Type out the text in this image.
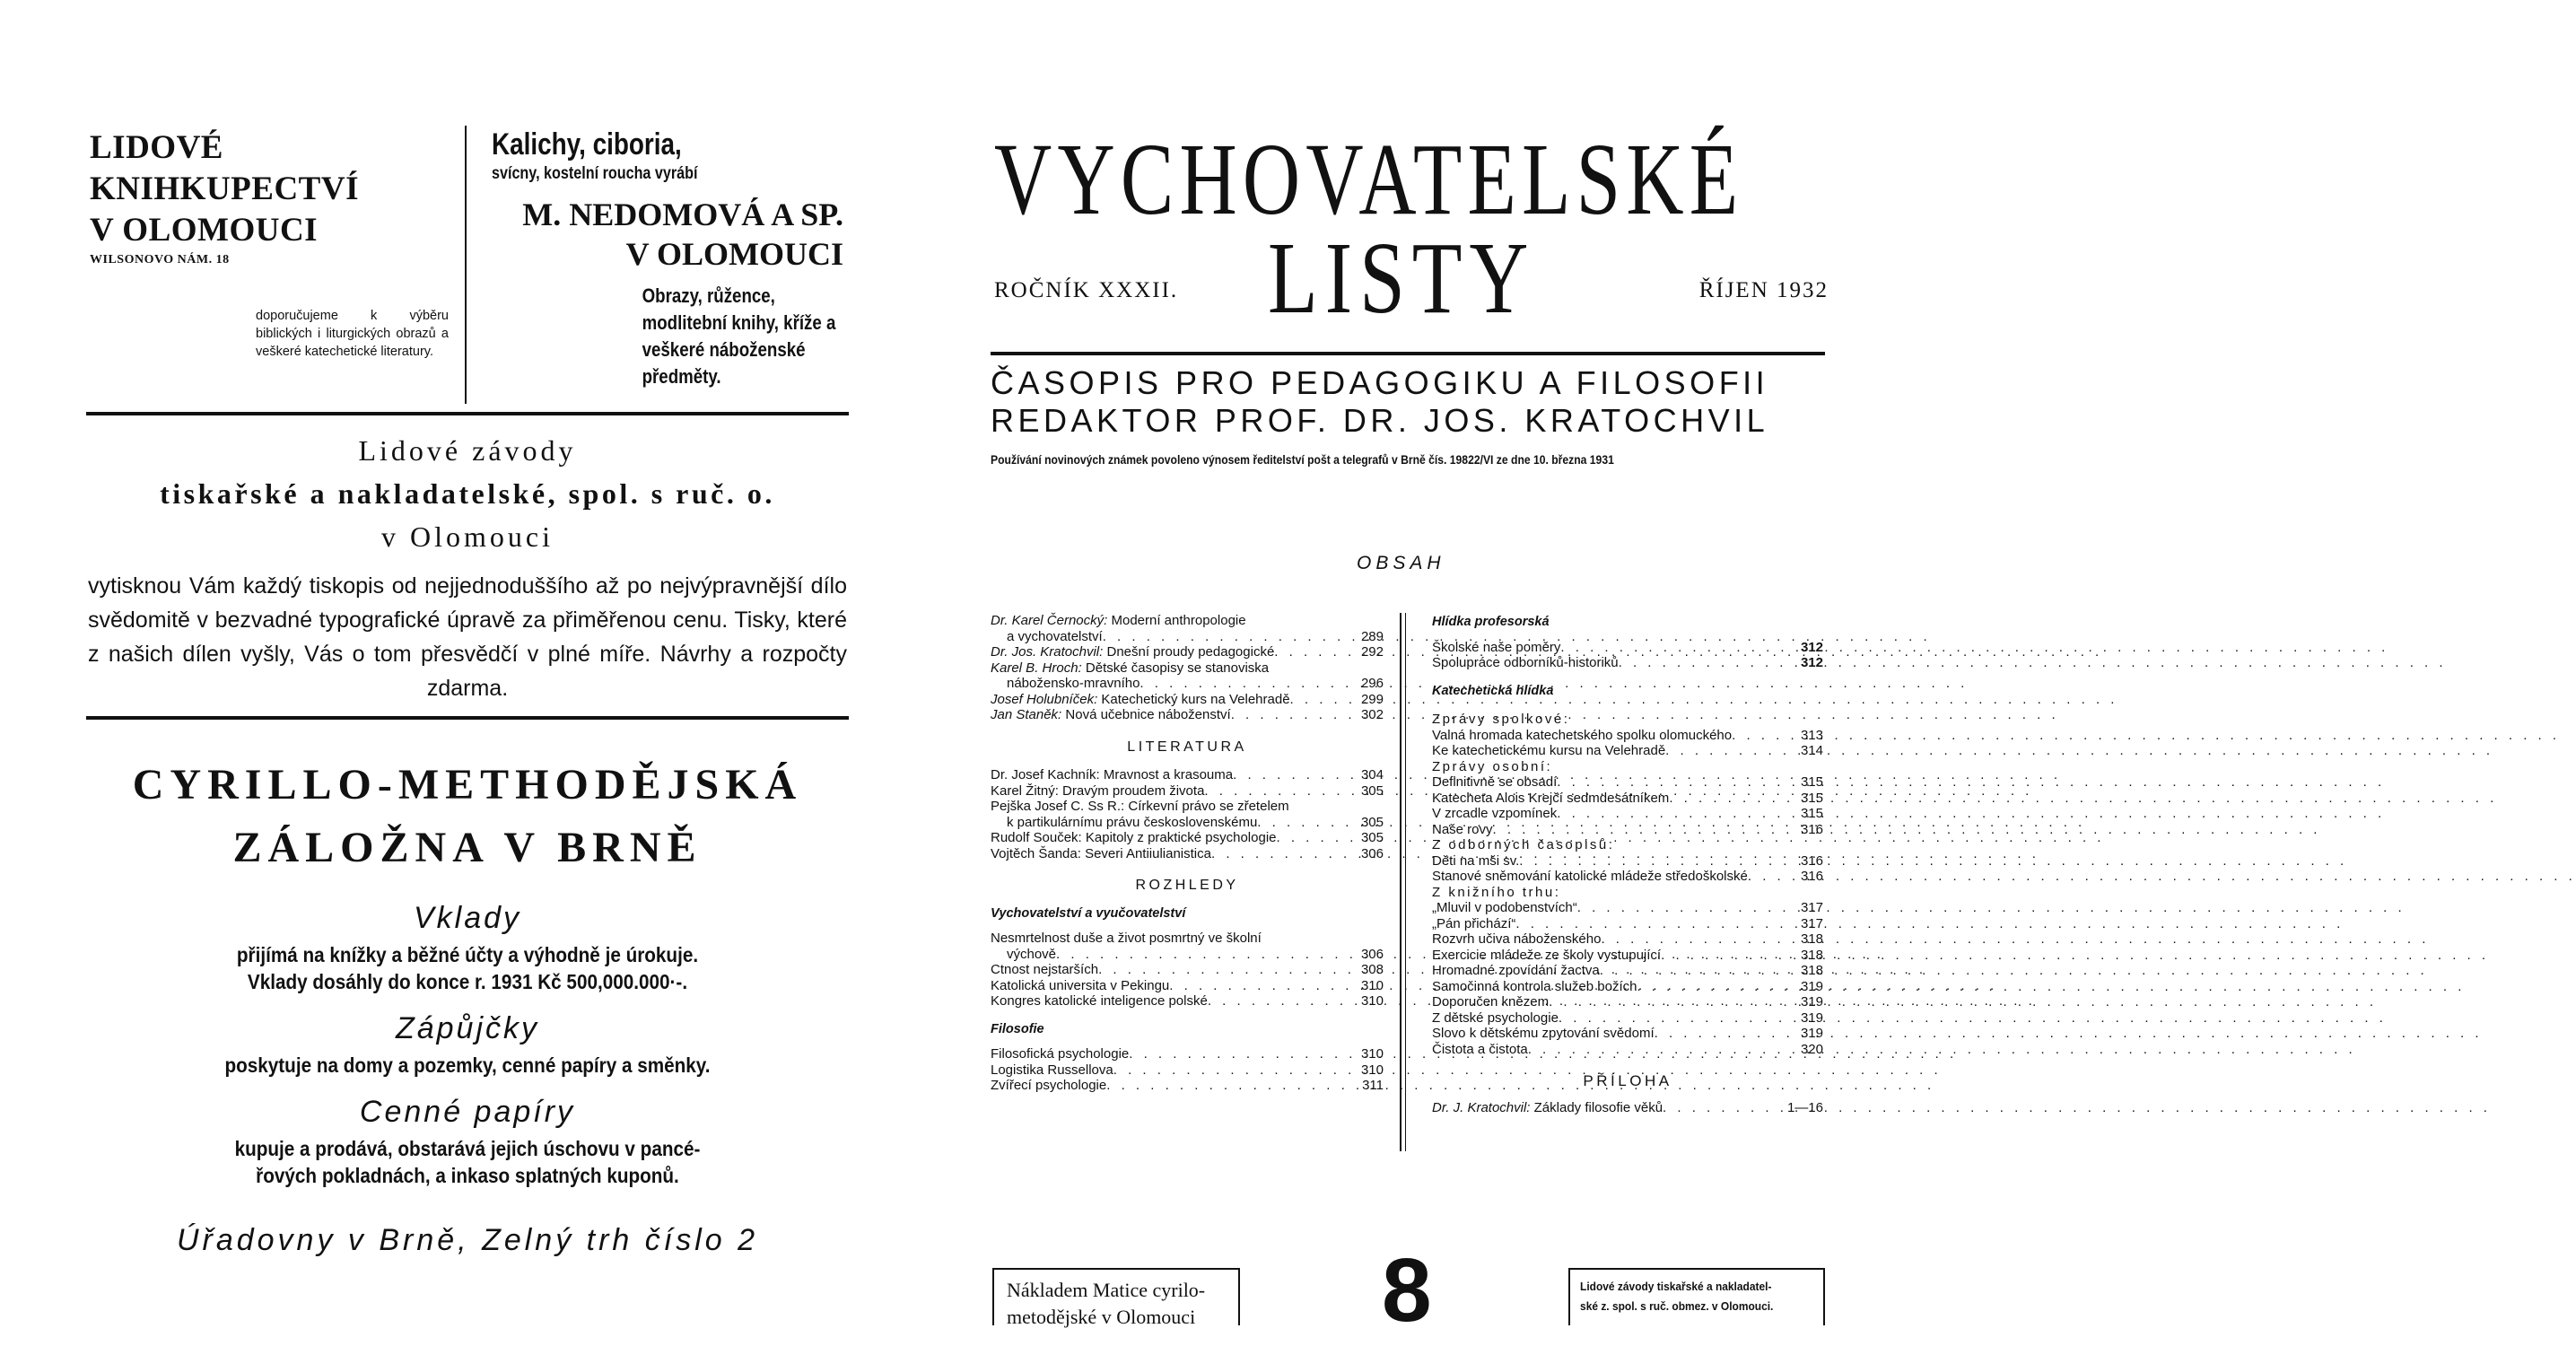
LIDOVÉ
KNIHKUPECTVÍ
V OLOMOUCI
WILSONOVO NÁM. 18
doporučujeme k výběru biblických i liturgických obrazů a veškeré katechetické literatury.
Kalichy, ciboria,
svícny, kostelní roucha vyrábí
M. NEDOMOVÁ A SP.
V OLOMOUCI
Obrazy, růžence, modlitební knihy, kříže a veškeré náboženské předměty.
Lidové závody
tiskařské a nakladatelské, spol. s ruč. o.
v Olomouci
vytisknou Vám každý tiskopis od nejjednoduššího až po nejvýpravnější dílo svědomitě v bezvadné typografické úpravě za přiměřenou cenu. Tisky, které z našich dílen vyšly, Vás o tom přesvědčí v plné míře. Návrhy a rozpočty zdarma.
CYRILLO-METHODĚJSKÁ
ZÁLOŽNA V BRNĚ
Vklady
přijímá na knížky a běžné účty a výhodně je úrokuje.
Vklady dosáhly do konce r. 1931 Kč 500,000.000·-.
Zápůjčky
poskytuje na domy a pozemky, cenné papíry a směnky.
Cenné papíry
kupuje a prodává, obstarává jejich úschovu v pancé-
řových pokladnách, a inkaso splatných kuponů.
Úřadovny v Brně, Zelný trh číslo 2
VYCHOVATELSKÉ
ROČNÍK XXXII. LISTY	ŘÍJEN 1932
ČASOPIS PRO PEDAGOGIKU A FILOSOFII
REDAKTOR PROF. DR. JOS. KRATOCHVIL
Používání novinových známek povoleno výnosem ředitelství pošt a telegrafů v Brně čís. 19822/VI ze dne 10. března 1931
OBSAH
Dr. Karel Černocký: Moderní anthropologie
a vychovatelství . . .	289
Dr. Jos. Kratochvil: Dnešní proudy pedagogické . . .	292
Karel B. Hroch: Dětské časopisy se stanoviska
nábožensko-mravního . . .	296
Josef Holubníček: Katechetický kurs na Velehradě . . .	299
Jan Staněk: Nová učebnice náboženství . . .	302
LITERATURA
Dr. Josef Kachník: Mravnost a krasouma . . .	304
Karel Žitný: Dravým proudem života . . .	305
Pejška Josef C. Ss R.: Církevní právo se zřetelem
k partikulárnímu právu československému . . .	305
Rudolf Souček: Kapitoly z praktické psychologie . . .	305
Vojtěch Šanda: Severi Antiiulianistica . . .	306
ROZHLEDY
Vychovatelství a vyučovatelství
Nesmrtelnost duše a život posmrtný ve školní
výchově . . .	306
Ctnost nejstarších . . .	308
Katolická universita v Pekingu . . .	310
Kongres katolické inteligence polské . . .	310
Filosofie
Filosofická psychologie . . .	310
Logistika Russellova . . .	310
Zvířecí psychologie . . .	311
Hlídka profesorská
Školské naše poměry . . .	312
Spolupráce odborníků-historiků . . .	312
Katechetická hlídka
Zprávy spolkové:
Valná hromada katechetského spolku olomuckého . . .	313
Ke katechetickému kursu na Velehradě . . .	314
Zprávy osobní:
Definitivně se obsadí . . .	315
Katecheta Alois Krejčí sedmdesátníkem . . .	315
V zrcadle vzpomínek . . .	315
Naše rovy . . .	316
Z odborných časopisů:
Děti na mši sv. . . .	316
Stanové sněmování katolické mládeže středoškolské . . .	316
Z knižního trhu:
„Mluvil v podobenstvích“ . . .	317
„Pán přichází“ . . .	317
Rozvrh učiva náboženského . . .	318
Exercicie mládeže ze školy vystupující . . .	318
Hromadné zpovídání žactva . . .	318
Samočinná kontrola služeb božích . . .	319
Doporučen knězem . . .	319
Z dětské psychologie . . .	319
Slovo k dětskému zpytování svědomí . . .	319
Čistota a čistota . . .	320
PŘÍLOHA
Dr. J. Kratochvil: Základy filosofie věků . . .	1—16
Nákladem Matice cyrilo-
metodějské v Olomouci	8	Lidové závody tiskařské a nakladatel-
ské z. spol. s ruč. obmez. v Olomouci.
